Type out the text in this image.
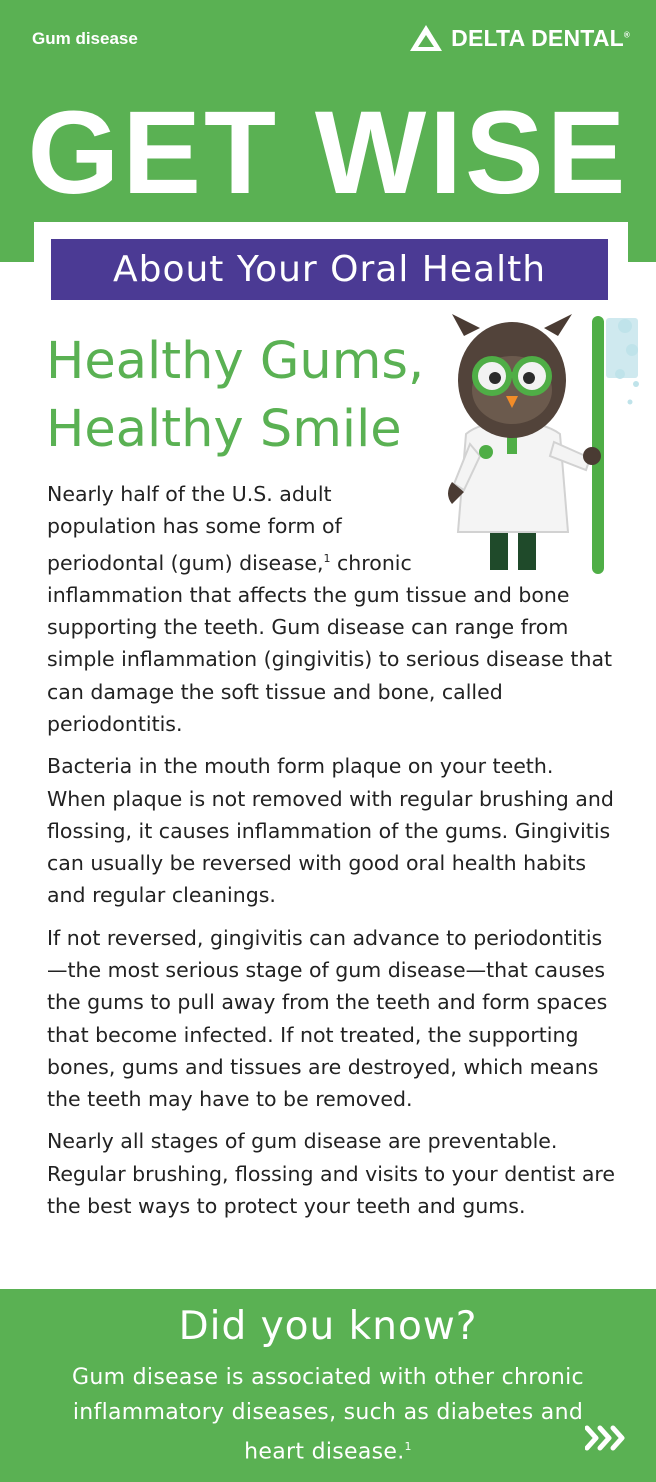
Gum disease	DELTA DENTAL®
GET WISE
About Your Oral Health
Healthy Gums,
Healthy Smile

Nearly half of the U.S. adult population has some form of periodontal (gum) disease,$^1$ chronic inflammation that affects the gum tissue and bone supporting the teeth. Gum disease can range from simple inflammation (gingivitis) to serious disease that can damage the soft tissue and bone, called periodontitis.

Bacteria in the mouth form plaque on your teeth. When plaque is not removed with regular brushing and flossing, it causes inflammation of the gums. Gingivitis can usually be reversed with good oral health habits and regular cleanings.

If not reversed, gingivitis can advance to periodontitis—the most serious stage of gum disease—that causes the gums to pull away from the teeth and form spaces that become infected. If not treated, the supporting bones, gums and tissues are destroyed, which means the teeth may have to be removed.

Nearly all stages of gum disease are preventable. Regular brushing, flossing and visits to your dentist are the best ways to protect your teeth and gums.

Did you know?

Gum disease is associated with other chronic inflammatory diseases, such as diabetes and heart disease.$^1$
